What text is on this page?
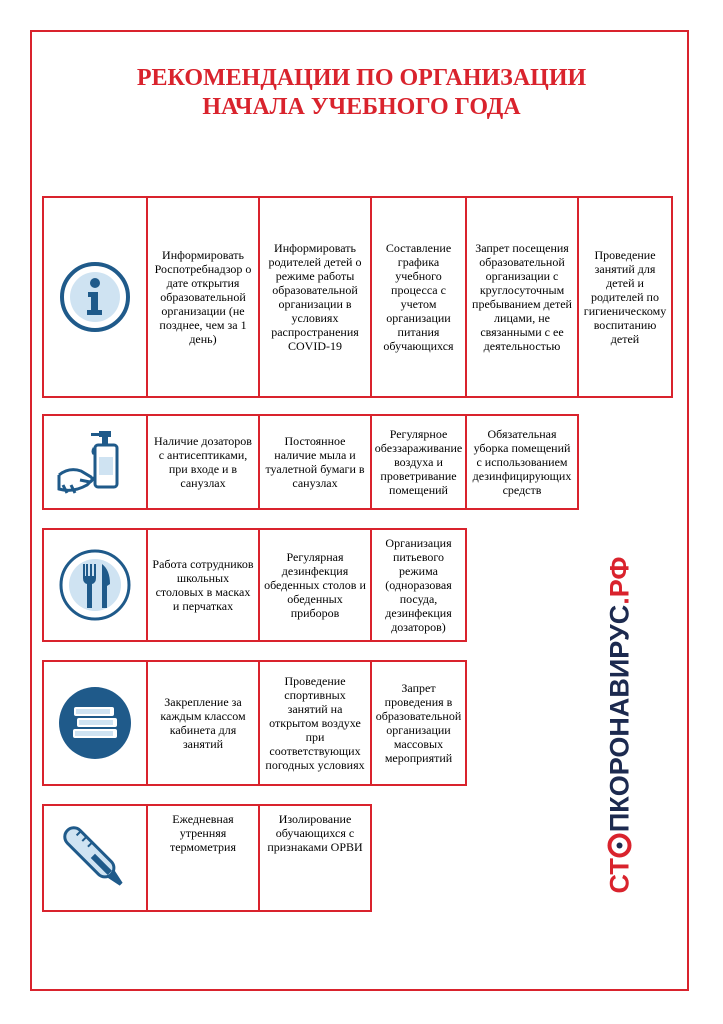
РЕКОМЕНДАЦИИ ПО ОРГАНИЗАЦИИ
НАЧАЛА УЧЕБНОГО ГОДА
Информировать Роспотребнадзор о дате открытия образовательной организации (не позднее, чем за 1 день)
Информировать родителей детей о режиме работы образовательной организации в условиях распространения COVID-19
Составление графика учебного процесса с учетом организации питания обучающихся
Запрет посещения образовательной организации с круглосуточным пребыванием детей лицами, не связанными с ее деятельностью
Проведение занятий для детей и родителей по гигиеническому воспитанию детей
Наличие дозаторов с антисептиками, при входе и в санузлах
Постоянное наличие мыла и туалетной бумаги в санузлах
Регулярное обеззараживание воздуха и проветривание помещений
Обязательная уборка помещений с использованием дезинфицирующих средств
Работа сотрудников школьных столовых в масках и перчатках
Регулярная дезинфекция обеденных столов и обеденных приборов
Организация питьевого режима (одноразовая посуда, дезинфекция дозаторов)
Закрепление за каждым классом кабинета для занятий
Проведение спортивных занятий на открытом воздухе при соответствующих погодных условиях
Запрет проведения в образовательной организации массовых мероприятий
Ежедневная утренняя термометрия
Изолирование обучающихся с признаками ОРВИ
СТ
ПКОРОНАВИРУС.РФ
